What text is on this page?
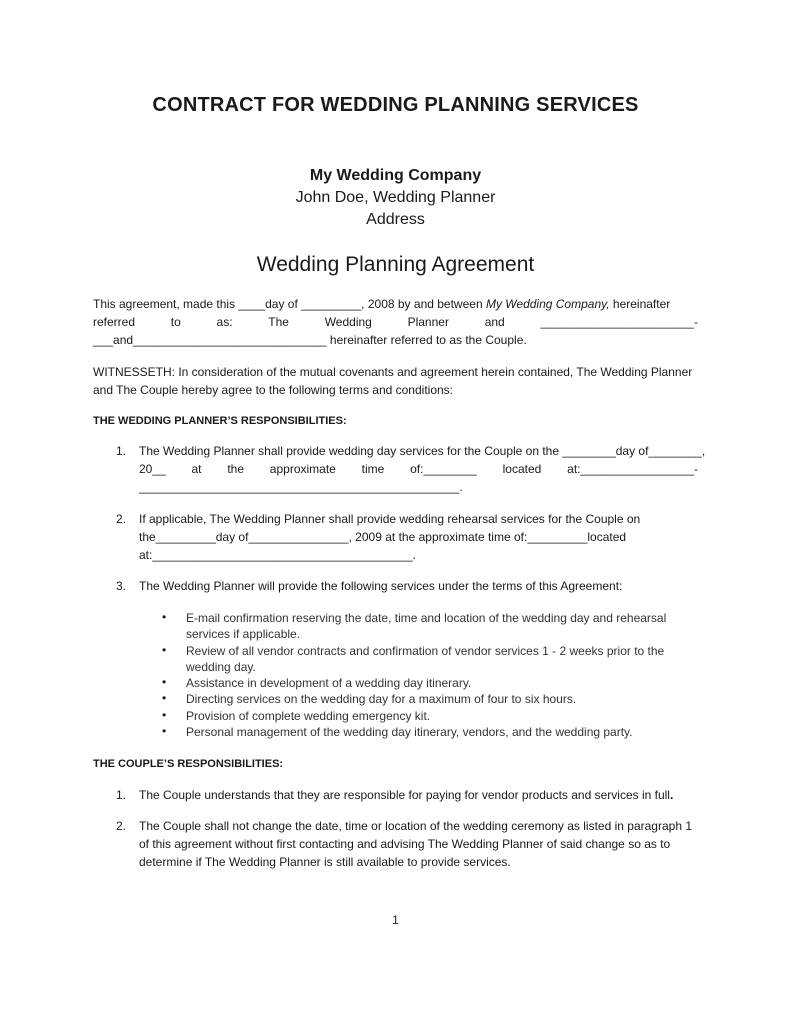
CONTRACT FOR WEDDING PLANNING SERVICES
My Wedding Company
John Doe, Wedding Planner
Address
Wedding Planning Agreement
This agreement, made this ____day of _________, 2008 by and between My Wedding Company, hereinafter
referred	to	as:	The	Wedding	Planner	and	_______________________-
___and_____________________________ hereinafter referred to as the Couple.
WITNESSETH: In consideration of the mutual covenants and agreement herein contained, The Wedding Planner
and The Couple hereby agree to the following terms and conditions:
THE WEDDING PLANNER’S RESPONSIBILITIES:
1. The Wedding Planner shall provide wedding day services for the Couple on the ________day of________,
20__ at the approximate time of:________ located at:_________________-
________________________________________________.
2. If applicable, The Wedding Planner shall provide wedding rehearsal services for the Couple on
the_________day of_______________, 2009 at the approximate time of:_________located
at:_______________________________________.
3. The Wedding Planner will provide the following services under the terms of this Agreement:
• E-mail confirmation reserving the date, time and location of the wedding day and rehearsal
services if applicable.
• Review of all vendor contracts and confirmation of vendor services 1 - 2 weeks prior to the
wedding day.
• Assistance in development of a wedding day itinerary.
• Directing services on the wedding day for a maximum of four to six hours.
• Provision of complete wedding emergency kit.
• Personal management of the wedding day itinerary, vendors, and the wedding party.
THE COUPLE’S RESPONSIBILITIES:
1. The Couple understands that they are responsible for paying for vendor products and services in full.
2. The Couple shall not change the date, time or location of the wedding ceremony as listed in paragraph 1
of this agreement without first contacting and advising The Wedding Planner of said change so as to
determine if The Wedding Planner is still available to provide services.
1
